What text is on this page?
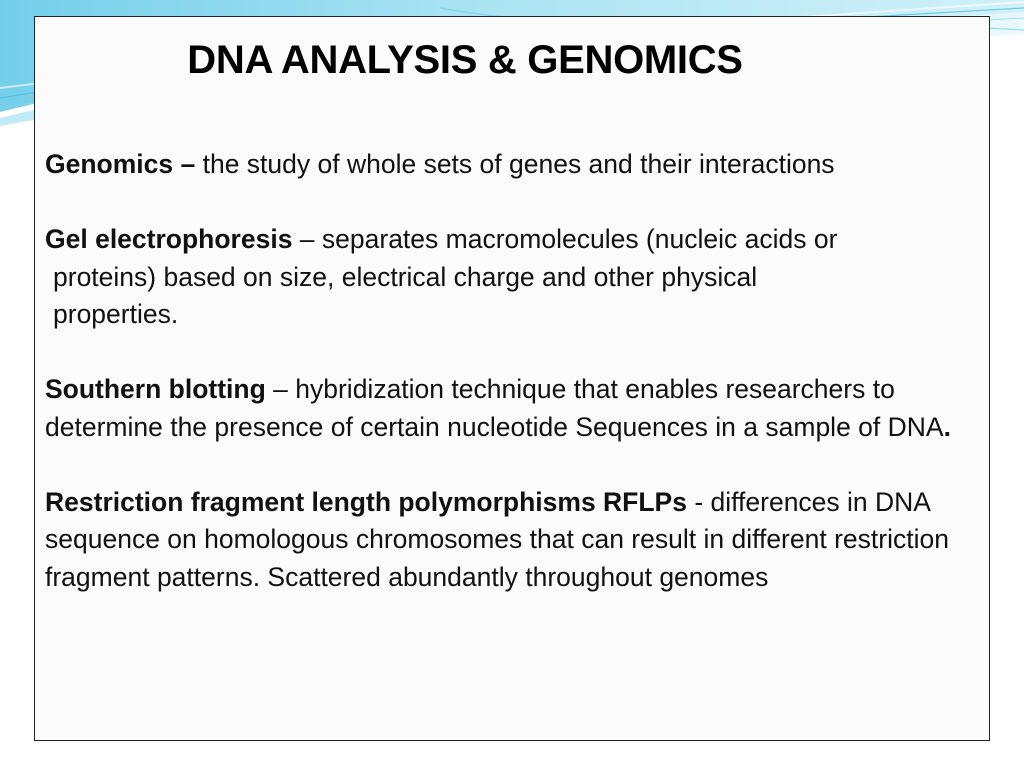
DNA ANALYSIS & GENOMICS

Genomics – the study of whole sets of genes and their interactions

Gel electrophoresis – separates macromolecules (nucleic acids or
proteins) based on size, electrical charge and other physical
properties.

Southern blotting – hybridization technique that enables researchers to determine the presence of certain nucleotide Sequences in a sample of DNA.

Restriction fragment length polymorphisms RFLPs - differences in DNA sequence on homologous chromosomes that can result in different restriction fragment patterns. Scattered abundantly throughout genomes
